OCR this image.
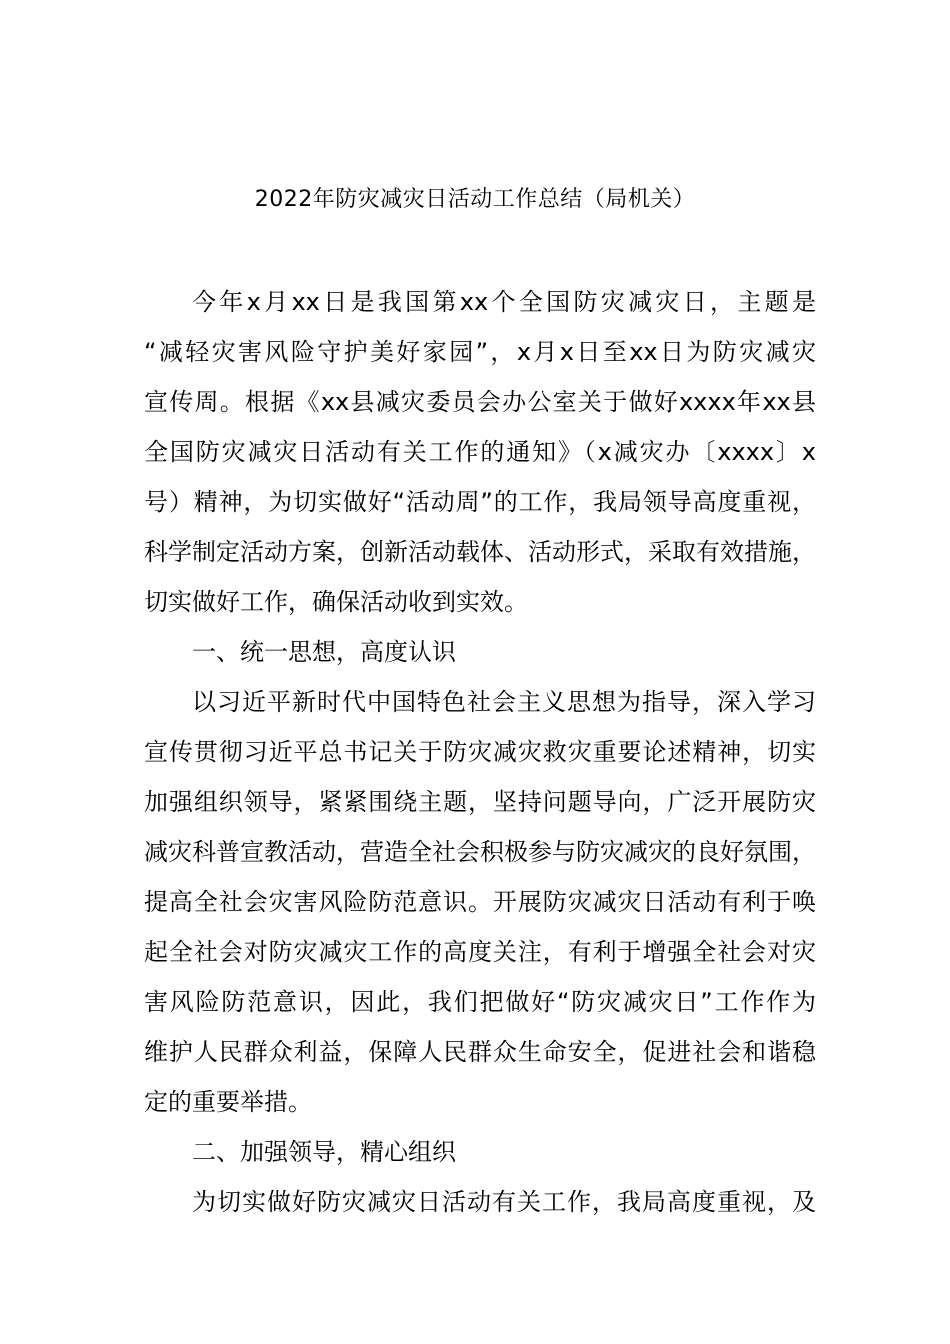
2022年防灾减灾日活动工作总结（局机关）
今年x月xx日是我国第xx个全国防灾减灾日，主题是
“减轻灾害风险守护美好家园”，x月x日至xx日为防灾减灾
宣传周。根据《xx县减灾委员会办公室关于做好xxxx年xx县
全国防灾减灾日活动有关工作的通知》（x减灾办〔xxxx〕x
号）精神，为切实做好“活动周”的工作，我局领导高度重视，
科学制定活动方案，创新活动载体、活动形式，采取有效措施，
切实做好工作，确保活动收到实效。
一、统一思想，高度认识
以习近平新时代中国特色社会主义思想为指导，深入学习
宣传贯彻习近平总书记关于防灾减灾救灾重要论述精神，切实
加强组织领导，紧紧围绕主题，坚持问题导向，广泛开展防灾
减灾科普宣教活动，营造全社会积极参与防灾减灾的良好氛围，
提高全社会灾害风险防范意识。开展防灾减灾日活动有利于唤
起全社会对防灾减灾工作的高度关注，有利于增强全社会对灾
害风险防范意识，因此，我们把做好“防灾减灾日”工作作为
维护人民群众利益，保障人民群众生命安全，促进社会和谐稳
定的重要举措。
二、加强领导，精心组织
为切实做好防灾减灾日活动有关工作，我局高度重视，及
